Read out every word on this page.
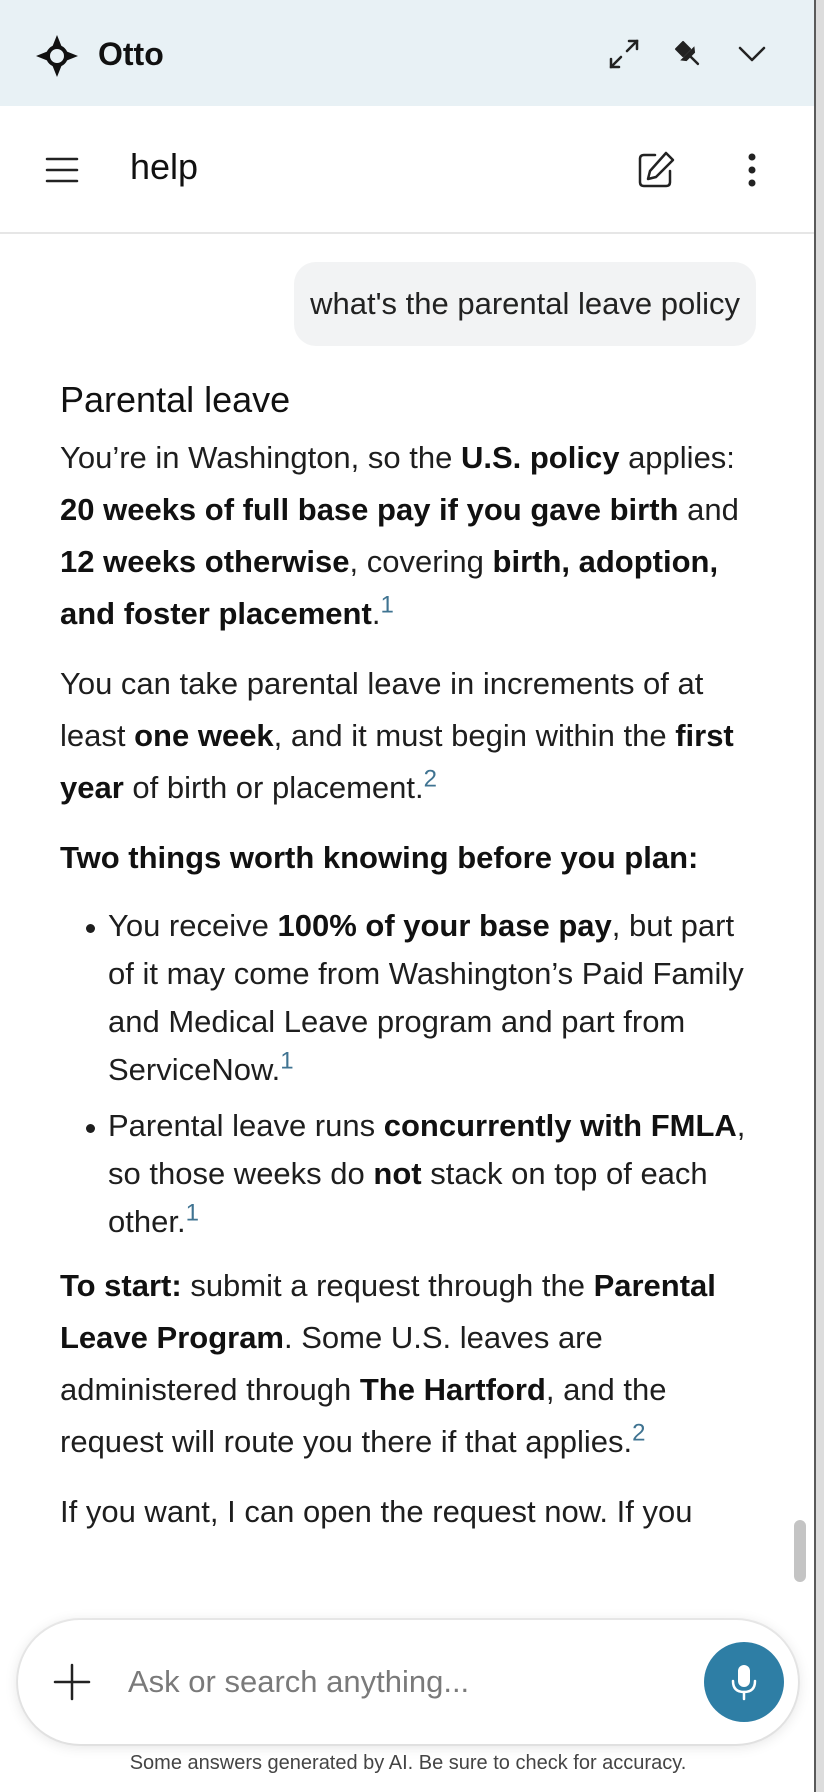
Otto
help
what's the parental leave policy
Parental leave

You’re in Washington, so the U.S. policy applies: 20 weeks of full base pay if you gave birth and 12 weeks otherwise, covering birth, adoption, and foster placement.$^1$

You can take parental leave in increments of at least one week, and it must begin within the first year of birth or placement.$^2$

Two things worth knowing before you plan:

You receive 100% of your base pay, but part of it may come from Washington’s Paid Family and Medical Leave program and part from ServiceNow.$^1$
Parental leave runs concurrently with FMLA, so those weeks do not stack on top of each other.$^1$

To start: submit a request through the Parental Leave Program. Some U.S. leaves are administered through The Hartford, and the request will route you there if that applies.$^2$

If you want, I can open the request now. If you

Ask or search anything...
Some answers generated by AI. Be sure to check for accuracy.
